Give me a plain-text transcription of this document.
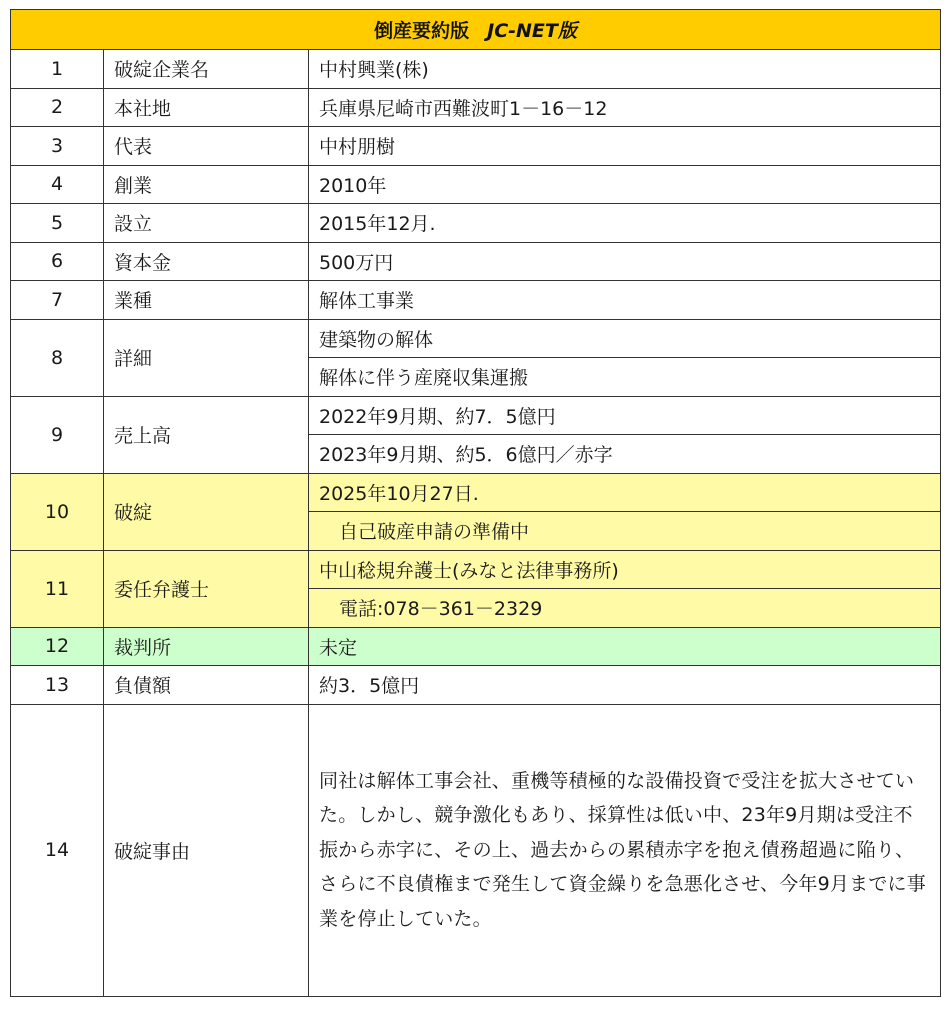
倒産要約版 JC-NET版		
1	破綻企業名	中村興業(株)
2	本社地	兵庫県尼崎市西難波町1－16－12
3	代表	中村朋樹
4	創業	2010年
5	設立	2015年12月.
6	資本金	500万円
7	業種	解体工事業
8	詳細	建築物の解体
		解体に伴う産廃収集運搬
9	売上高	2022年9月期、約7．5億円
		2023年9月期、約5．6億円／赤字
10	破綻	2025年10月27日.
		自己破産申請の準備中
11	委任弁護士	中山稔規弁護士(みなと法律事務所)
		電話:078－361－2329
12	裁判所	未定
13	負債額	約3．5億円
14	破綻事由	同社は解体工事会社、重機等積極的な設備投資で受注を拡大させていた。しかし、競争激化もあり、採算性は低い中、23年9月期は受注不振から赤字に、その上、過去からの累積赤字を抱え債務超過に陥り、さらに不良債権まで発生して資金繰りを急悪化させ、今年9月までに事業を停止していた。
